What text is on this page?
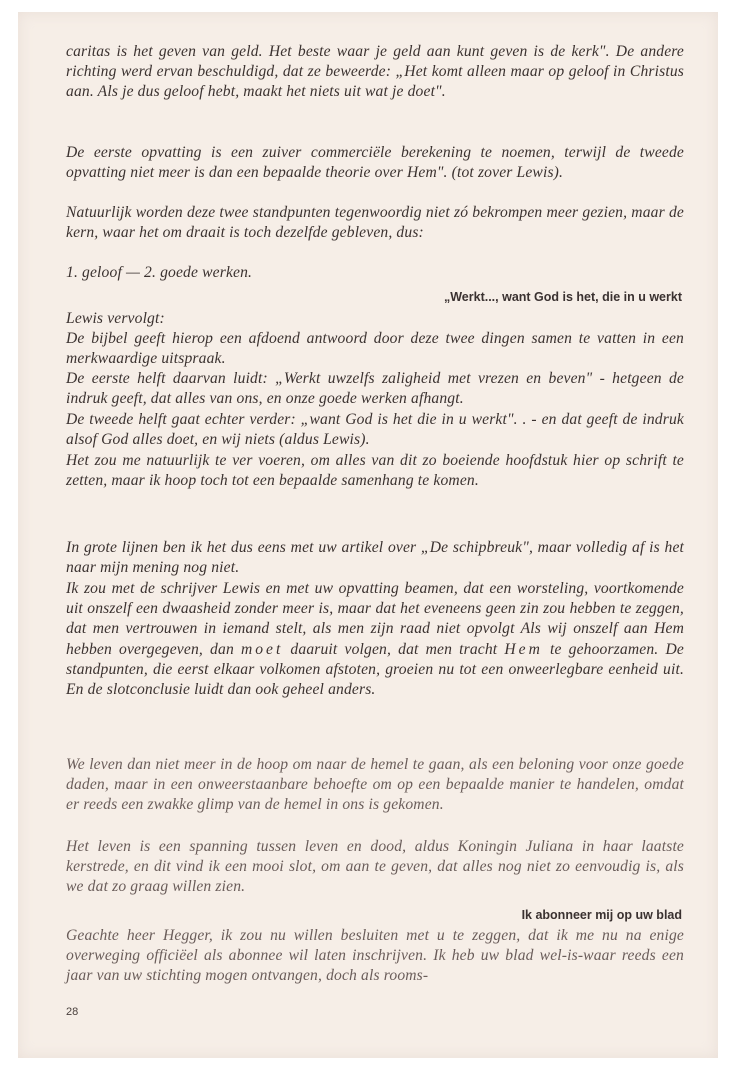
caritas is het geven van geld. Het beste waar je geld aan kunt geven is de kerk". De andere richting werd ervan beschuldigd, dat ze beweerde: „Het komt alleen maar op geloof in Christus aan. Als je dus geloof hebt, maakt het niets uit wat je doet".

De eerste opvatting is een zuiver commerciële berekening te noemen, terwijl de tweede opvatting niet meer is dan een bepaalde theorie over Hem". (tot zover Lewis).

Natuurlijk worden deze twee standpunten tegenwoordig niet zó bekrompen meer gezien, maar de kern, waar het om draait is toch dezelfde gebleven, dus:

1. geloof — 2. goede werken.

„Werkt..., want God is het, die in u werkt

Lewis vervolgt:

De bijbel geeft hierop een afdoend antwoord door deze twee dingen samen te vatten in een merkwaardige uitspraak.

De eerste helft daarvan luidt: „Werkt uwzelfs zaligheid met vrezen en beven" - hetgeen de indruk geeft, dat alles van ons, en onze goede werken afhangt.

De tweede helft gaat echter verder: „want God is het die in u werkt". . - en dat geeft de indruk alsof God alles doet, en wij niets (aldus Lewis).

Het zou me natuurlijk te ver voeren, om alles van dit zo boeiende hoofdstuk hier op schrift te zetten, maar ik hoop toch tot een bepaalde samenhang te komen.

In grote lijnen ben ik het dus eens met uw artikel over „De schipbreuk", maar volledig af is het naar mijn mening nog niet.

Ik zou met de schrijver Lewis en met uw opvatting beamen, dat een worsteling, voortkomende uit onszelf een dwaasheid zonder meer is, maar dat het eveneens geen zin zou hebben te zeggen, dat men vertrouwen in iemand stelt, als men zijn raad niet opvolgt Als wij onszelf aan Hem hebben overgegeven, dan moet daaruit volgen, dat men tracht Hem te gehoorzamen. De standpunten, die eerst elkaar volkomen afstoten, groeien nu tot een onweerlegbare eenheid uit. En de slotconclusie luidt dan ook geheel anders.

We leven dan niet meer in de hoop om naar de hemel te gaan, als een beloning voor onze goede daden, maar in een onweerstaanbare behoefte om op een bepaalde manier te handelen, omdat er reeds een zwakke glimp van de hemel in ons is gekomen.

Het leven is een spanning tussen leven en dood, aldus Koningin Juliana in haar laatste kerstrede, en dit vind ik een mooi slot, om aan te geven, dat alles nog niet zo eenvoudig is, als we dat zo graag willen zien.

Ik abonneer mij op uw blad

Geachte heer Hegger, ik zou nu willen besluiten met u te zeggen, dat ik me nu na enige overweging officiëel als abonnee wil laten inschrijven. Ik heb uw blad wel-is-waar reeds een jaar van uw stichting mogen ontvangen, doch als rooms-

28
